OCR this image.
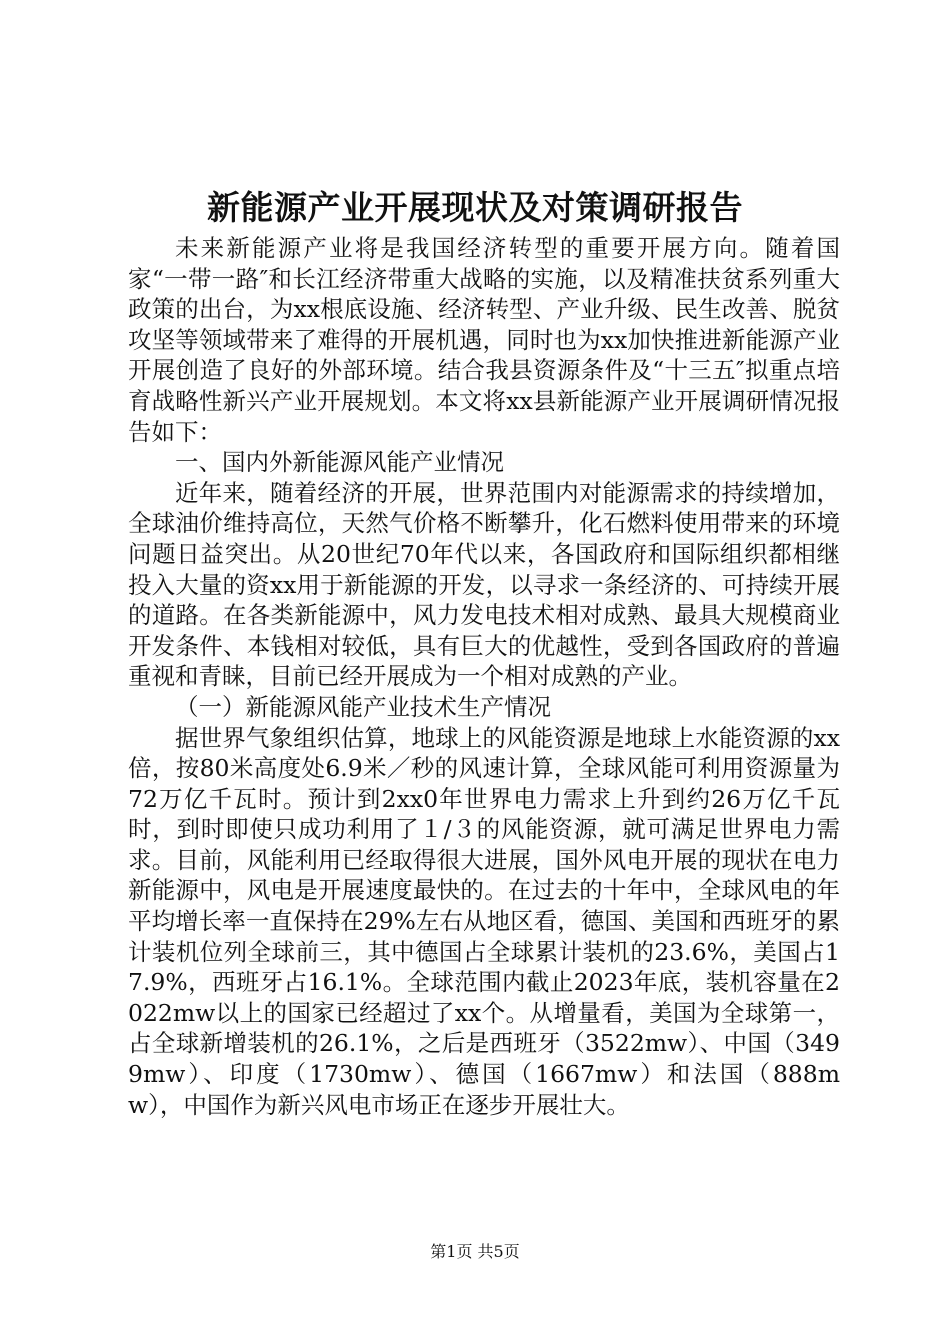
新能源产业开展现状及对策调研报告

未来新能源产业将是我国经济转型的重要开展方向。随着国家“一带一路″和长江经济带重大战略的实施，以及精准扶贫系列重大政策的出台，为xx根底设施、经济转型、产业升级、民生改善、脱贫攻坚等领域带来了难得的开展机遇，同时也为xx加快推进新能源产业开展创造了良好的外部环境。结合我县资源条件及“十三五″拟重点培育战略性新兴产业开展规划。本文将xx县新能源产业开展调研情况报告如下：

一、国内外新能源风能产业情况

近年来，随着经济的开展，世界范围内对能源需求的持续增加，全球油价维持高位，天然气价格不断攀升，化石燃料使用带来的环境问题日益突出。从20世纪70年代以来，各国政府和国际组织都相继投入大量的资xx用于新能源的开发，以寻求一条经济的、可持续开展的道路。在各类新能源中，风力发电技术相对成熟、最具大规模商业开发条件、本钱相对较低，具有巨大的优越性，受到各国政府的普遍重视和青睐，目前已经开展成为一个相对成熟的产业。

（一）新能源风能产业技术生产情况

据世界气象组织估算，地球上的风能资源是地球上水能资源的xx倍，按80米高度处6.9米／秒的风速计算，全球风能可利用资源量为72万亿千瓦时。预计到2xx0年世界电力需求上升到约26万亿千瓦时，到时即使只成功利用了１/３的风能资源，就可满足世界电力需求。目前，风能利用已经取得很大进展，国外风电开展的现状在电力新能源中，风电是开展速度最快的。在过去的十年中，全球风电的年平均增长率一直保持在29%左右从地区看，德国、美国和西班牙的累计装机位列全球前三，其中德国占全球累计装机的23.6%，美国占17.9%，西班牙占16.1%。全球范围内截止2023年底，装机容量在2022mw以上的国家已经超过了xx个。从增量看，美国为全球第一，占全球新增装机的26.1%，之后是西班牙（3522mw）、中国（3499mw）、印度（1730mw）、德国（1667mw）和法国（888mw），中国作为新兴风电市场正在逐步开展壮大。

第1页 共5页
